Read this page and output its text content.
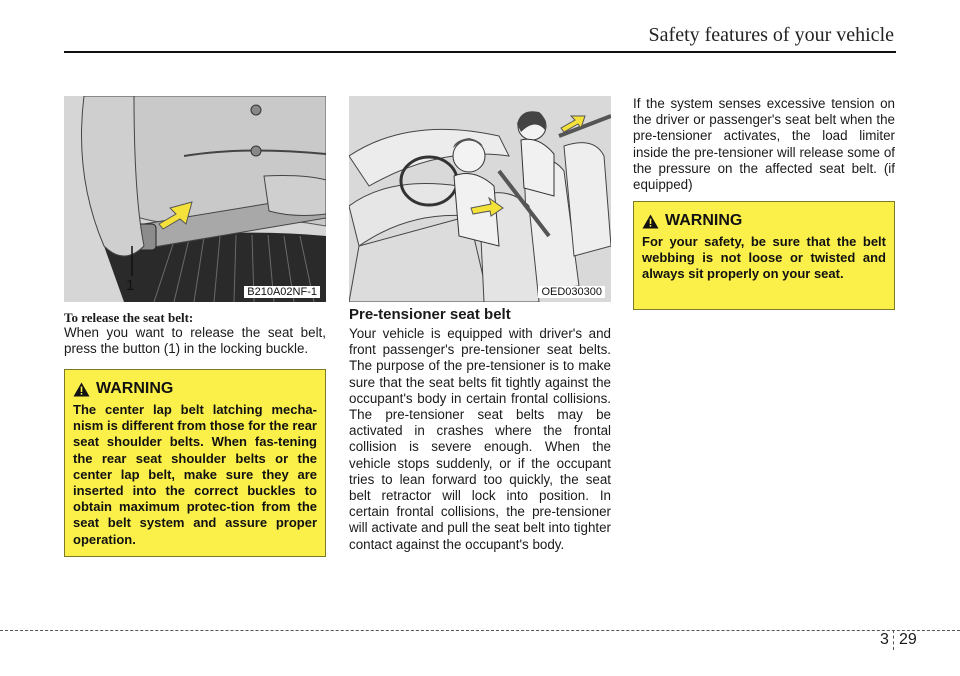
Safety features of your vehicle
1	B210A02NF-1
To release the seat belt:
When you want to release the seat belt, press the button (1) in the locking buckle.
WARNING
The center lap belt latching mecha-nism is different from those for the rear seat shoulder belts. When fas-tening the rear seat shoulder belts or the center lap belt, make sure they are inserted into the correct buckles to obtain maximum protec-tion from the seat belt system and assure proper operation.
OED030300
Pre-tensioner seat belt
Your vehicle is equipped with driver's and front passenger's pre-tensioner seat belts. The purpose of the pre-tensioner is to make sure that the seat belts fit tightly against the occupant's body in certain frontal collisions. The pre-tensioner seat belts may be activated in crashes where the frontal collision is severe enough. When the vehicle stops suddenly, or if the occupant tries to lean forward too quickly, the seat belt retractor will lock into position. In certain frontal collisions, the pre-tensioner will activate and pull the seat belt into tighter contact against the occupant's body.
If the system senses excessive tension on the driver or passenger's seat belt when the pre-tensioner activates, the load limiter inside the pre-tensioner will release some of the pressure on the affected seat belt. (if equipped)
WARNING
For your safety, be sure that the belt webbing is not loose or twisted and always sit properly on your seat.
3 29
